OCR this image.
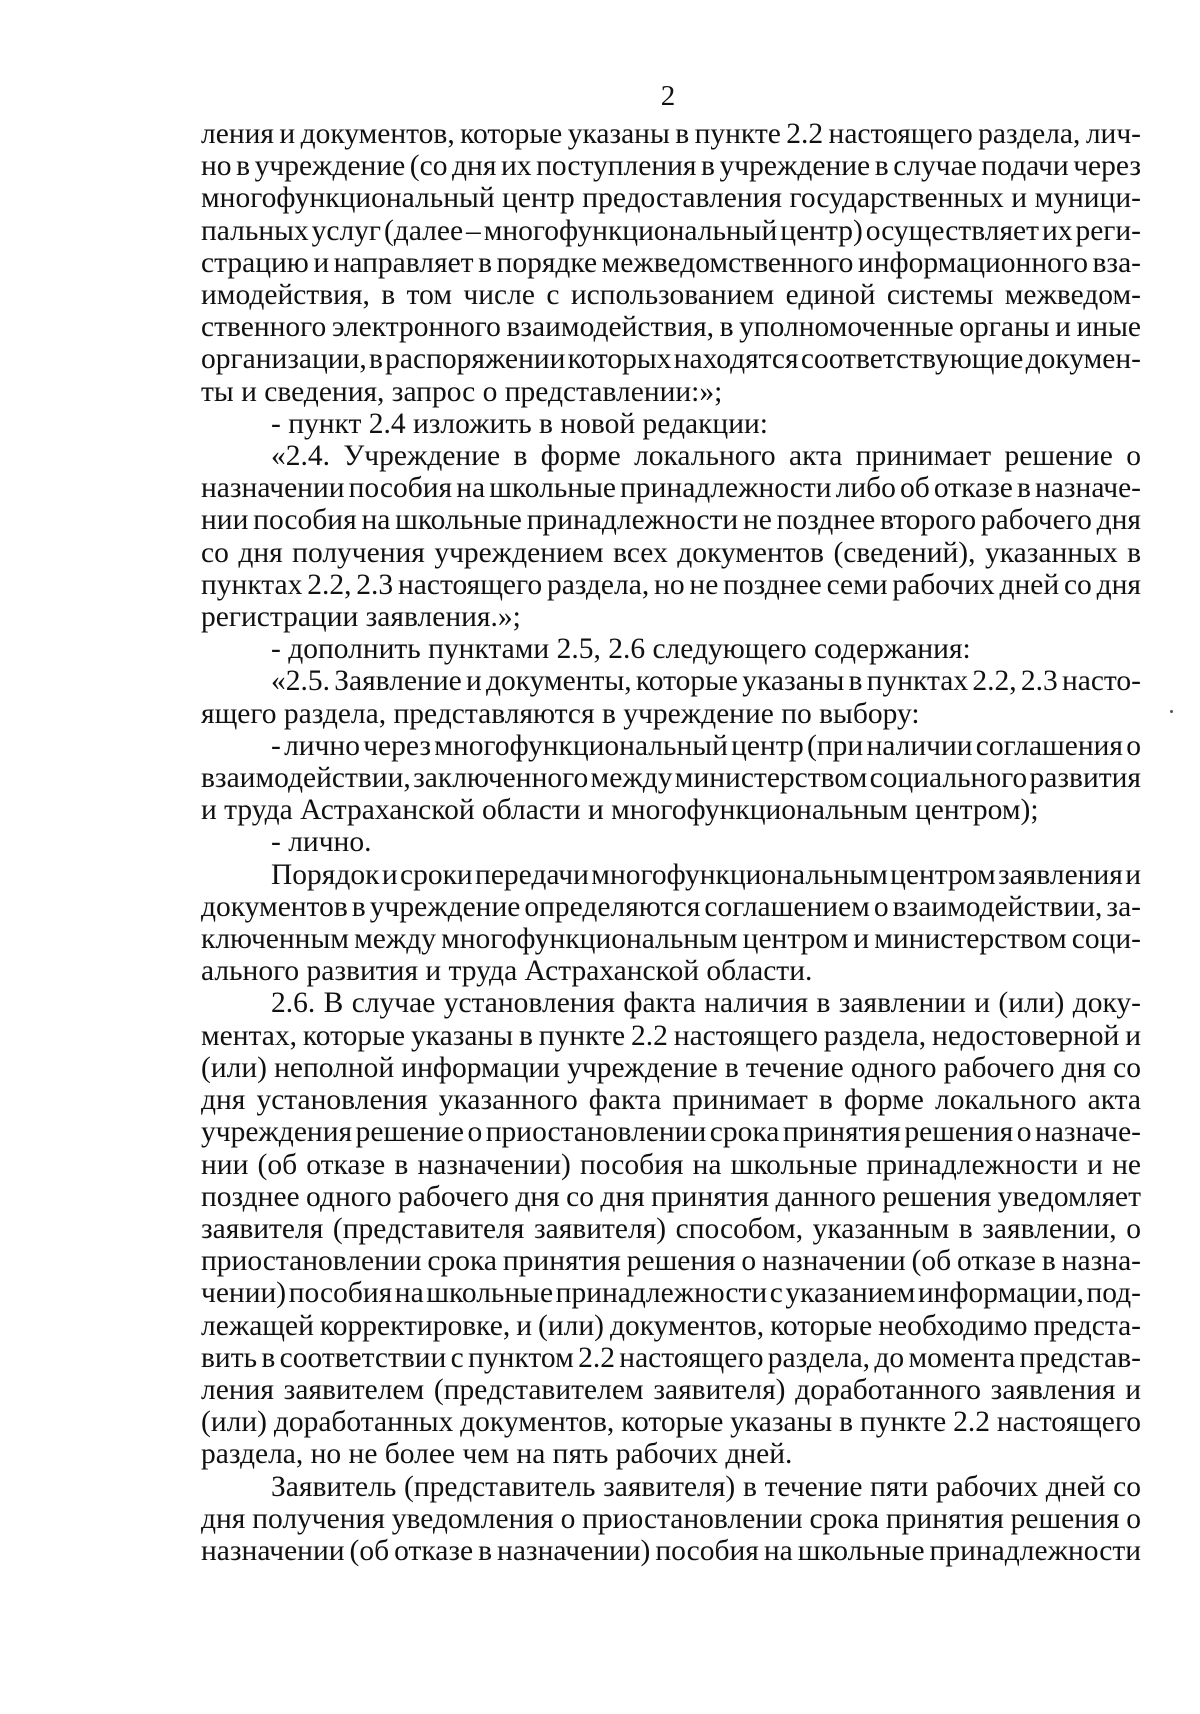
2
ления и документов, которые указаны в пункте 2.2 настоящего раздела, лич-
но в учреждение (со дня их поступления в учреждение в случае подачи через
многофункциональный центр предоставления государственных и муници-
пальных услуг (далее – многофункциональный центр) осуществляет их реги-
страцию и направляет в порядке межведомственного информационного вза-
имодействия, в том числе с использованием единой системы межведом-
ственного электронного взаимодействия, в уполномоченные органы и иные
организации, в распоряжении которых находятся соответствующие докумен-
ты и сведения, запрос о представлении:»;
- пункт 2.4 изложить в новой редакции:
«2.4. Учреждение в форме локального акта принимает решение о
назначении пособия на школьные принадлежности либо об отказе в назначе-
нии пособия на школьные принадлежности не позднее второго рабочего дня
со дня получения учреждением всех документов (сведений), указанных в
пунктах 2.2, 2.3 настоящего раздела, но не позднее семи рабочих дней со дня
регистрации заявления.»;
- дополнить пунктами 2.5, 2.6 следующего содержания:
«2.5. Заявление и документы, которые указаны в пунктах 2.2, 2.3 насто-
ящего раздела, представляются в учреждение по выбору:
- лично через многофункциональный центр (при наличии соглашения о
взаимодействии, заключенного между министерством социального развития
и труда Астраханской области и многофункциональным центром);
- лично.
Порядок и сроки передачи многофункциональным центром заявления и
документов в учреждение определяются соглашением о взаимодействии, за-
ключенным между многофункциональным центром и министерством соци-
ального развития и труда Астраханской области.
2.6. В случае установления факта наличия в заявлении и (или) доку-
ментах, которые указаны в пункте 2.2 настоящего раздела, недостоверной и
(или) неполной информации учреждение в течение одного рабочего дня со
дня установления указанного факта принимает в форме локального акта
учреждения решение о приостановлении срока принятия решения о назначе-
нии (об отказе в назначении) пособия на школьные принадлежности и не
позднее одного рабочего дня со дня принятия данного решения уведомляет
заявителя (представителя заявителя) способом, указанным в заявлении, о
приостановлении срока принятия решения о назначении (об отказе в назна-
чении) пособия на школьные принадлежности с указанием информации, под-
лежащей корректировке, и (или) документов, которые необходимо предста-
вить в соответствии с пунктом 2.2 настоящего раздела, до момента представ-
ления заявителем (представителем заявителя) доработанного заявления и
(или) доработанных документов, которые указаны в пункте 2.2 настоящего
раздела, но не более чем на пять рабочих дней.
Заявитель (представитель заявителя) в течение пяти рабочих дней со
дня получения уведомления о приостановлении срока принятия решения о
назначении (об отказе в назначении) пособия на школьные принадлежности
